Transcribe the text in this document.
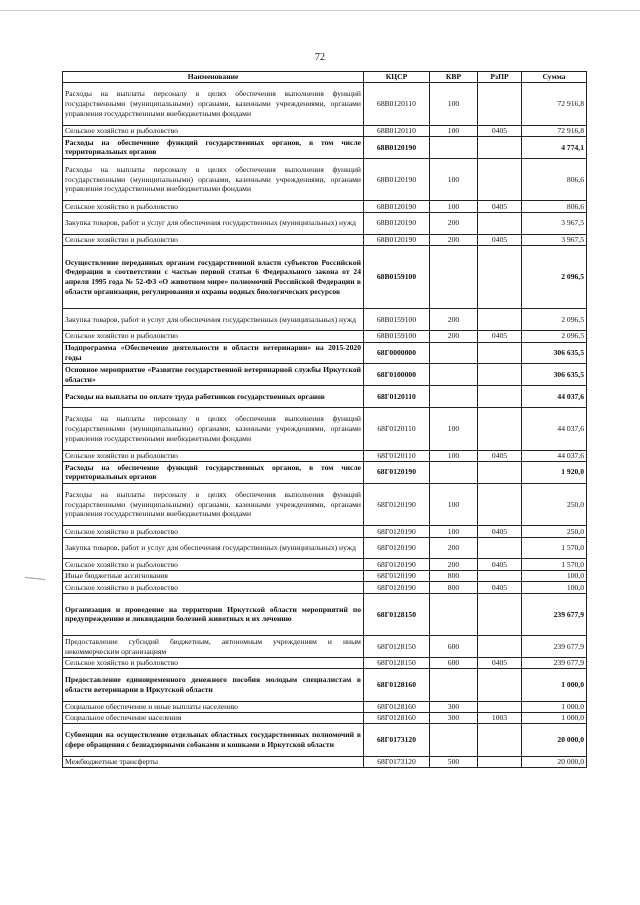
72
Наименование	КЦСР	КВР	РзПР	Сумма
Расходы на выплаты персоналу в целях обеспечения выполнения функций государственными (муниципальными) органами, казенными учреждениями, органами управления государственными внебюджетными фондами	68В0120110	100		72 916,8
Сельское хозяйство и рыболовство	68В0120110	100	0405	72 916,8
Расходы на обеспечение функций государственных органов, в том числе территориальных органов	68В0120190			4 774,1
Расходы на выплаты персоналу в целях обеспечения выполнения функций государственными (муниципальными) органами, казенными учреждениями, органами управления государственными внебюджетными фондами	68В0120190	100		806,6
Сельское хозяйство и рыболовство	68В0120190	100	0405	806,6
Закупка товаров, работ и услуг для обеспечения государственных (муниципальных) нужд	68В0120190	200		3 967,5
Сельское хозяйство и рыболовство	68В0120190	200	0405	3 967,5
Осуществление переданных органам государственной власти субъектов Российской Федерации в соответствии с частью первой статьи 6 Федерального закона от 24 апреля 1995 года № 52-ФЗ «О животном мире» полномочий Российской Федерации в области организации, регулирования и охраны водных биологических ресурсов	68В0159100			2 096,5
Закупка товаров, работ и услуг для обеспечения государственных (муниципальных) нужд	68В0159100	200		2 096,5
Сельское хозяйство и рыболовство	68В0159100	200	0405	2 096,5
Подпрограмма «Обеспечение деятельности в области ветеринарии» на 2015-2020 годы	68Г0000000			306 635,5
Основное мероприятие «Развитие государственной ветеринарной службы Иркутской области»	68Г0100000			306 635,5
Расходы на выплаты по оплате труда работников государственных органов	68Г0120110			44 037,6
Расходы на выплаты персоналу в целях обеспечения выполнения функций государственными (муниципальными) органами, казенными учреждениями, органами управления государственными внебюджетными фондами	68Г0120110	100		44 037,6
Сельское хозяйство и рыболовство	68Г0120110	100	0405	44 037,6
Расходы на обеспечение функций государственных органов, в том числе территориальных органов	68Г0120190			1 920,0
Расходы на выплаты персоналу в целях обеспечения выполнения функций государственными (муниципальными) органами, казенными учреждениями, органами управления государственными внебюджетными фондами	68Г0120190	100		250,0
Сельское хозяйство и рыболовство	68Г0120190	100	0405	250,0
Закупка товаров, работ и услуг для обеспечения государственных (муниципальных) нужд	68Г0120190	200		1 570,0
Сельское хозяйство и рыболовство	68Г0120190	200	0405	1 570,0
Иные бюджетные ассигнования	68Г0120190	800		100,0
Сельское хозяйство и рыболовство	68Г0120190	800	0405	100,0
Организация и проведение на территории Иркутской области мероприятий по предупреждению и ликвидации болезней животных и их лечению	68Г0128150			239 677,9
Предоставление субсидий бюджетным, автономным учреждениям и иным некоммерческим организациям	68Г0128150	600		239 677,9
Сельское хозяйство и рыболовство	68Г0128150	600	0405	239 677,9
Предоставление единовременного денежного пособия молодым специалистам в области ветеринарии в Иркутской области	68Г0128160			1 000,0
Социальное обеспечение и иные выплаты населению	68Г0128160	300		1 000,0
Социальное обеспечение населения	68Г0128160	300	1003	1 000,0
Субвенции на осуществление отдельных областных государственных полномочий в сфере обращения с безнадзорными собаками и кошками в Иркутской области	68Г0173120			20 000,0
Межбюджетные трансферты	68Г0173120	500		20 000,0
